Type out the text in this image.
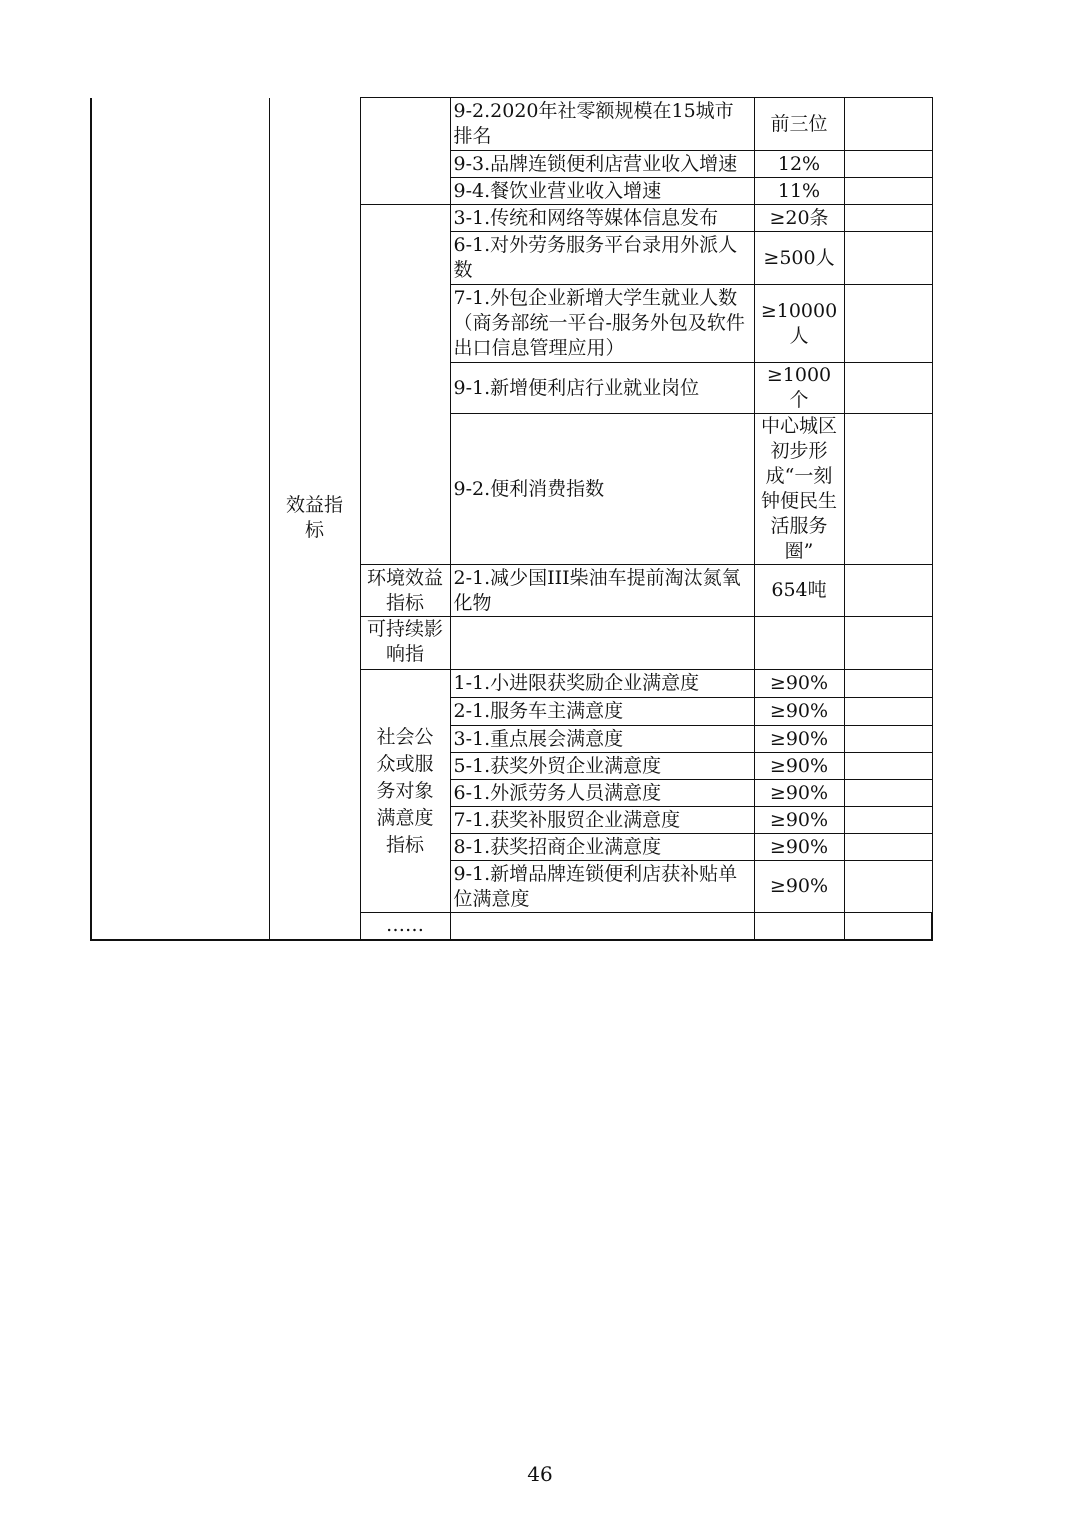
	效益指标		9-2.2020年社零额规模在15城市排名	前三位	
			9-3.品牌连锁便利店营业收入增速	12%	
			9-4.餐饮业营业收入增速	11%	
			3-1.传统和网络等媒体信息发布	≥20条	
			6-1.对外劳务服务平台录用外派人数	≥500人	
			7-1.外包企业新增大学生就业人数（商务部统一平台-服务外包及软件出口信息管理应用）	≥10000人	
			9-1.新增便利店行业就业岗位	≥1000个	
			9-2.便利消费指数	中心城区初步形成“一刻钟便民生活服务圈”	
		环境效益指标	2-1.减少国III柴油车提前淘汰氮氧化物	654吨	
		可持续影响指			
		社会公众或服务对象满意度指标	1-1.小进限获奖励企业满意度	≥90%	
			2-1.服务车主满意度	≥90%	
			3-1.重点展会满意度	≥90%	
			5-1.获奖外贸企业满意度	≥90%	
			6-1.外派劳务人员满意度	≥90%	
			7-1.获奖补服贸企业满意度	≥90%	
			8-1.获奖招商企业满意度	≥90%	
			9-1.新增品牌连锁便利店获补贴单位满意度	≥90%	
		……			
46
